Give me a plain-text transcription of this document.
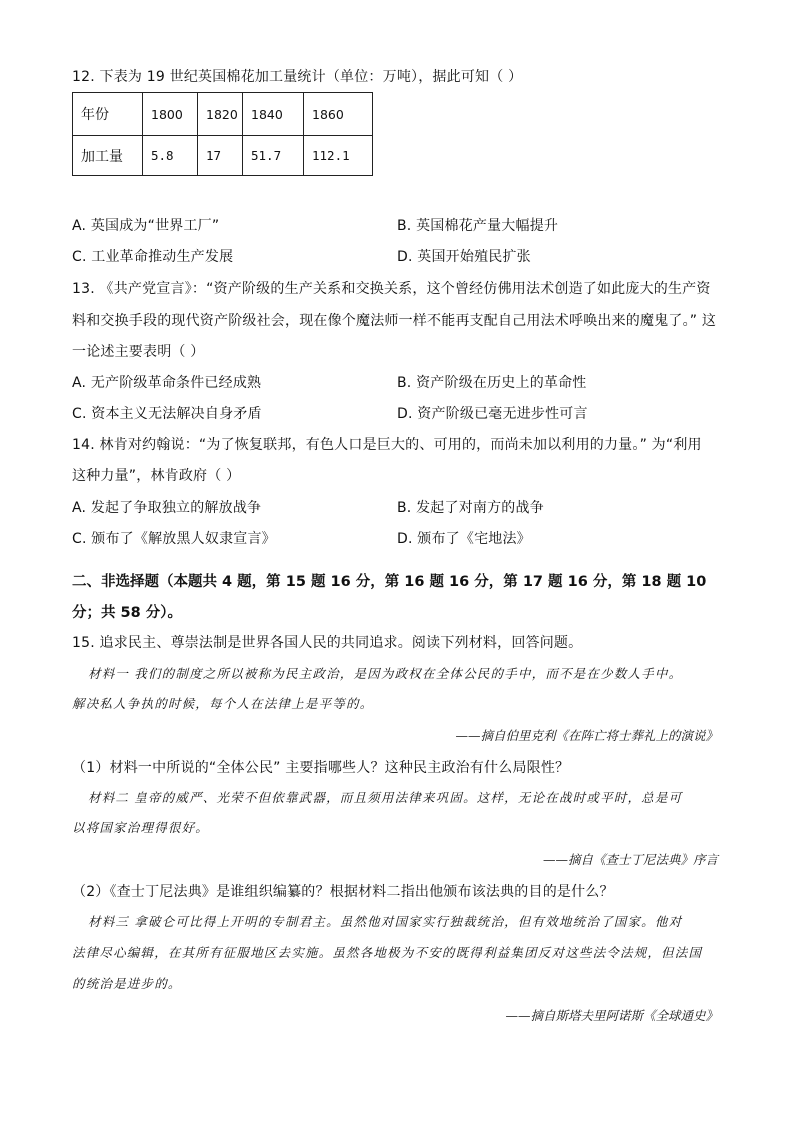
12. 下表为 19 世纪英国棉花加工量统计（单位：万吨），据此可知（ ）
年份	1800	1820	1840	1860
加工量	5.8	17	51.7	112.1
A. 英国成为“世界工厂”	B. 英国棉花产量大幅提升
C. 工业革命推动生产发展	D. 英国开始殖民扩张
13. 《共产党宣言》：“资产阶级的生产关系和交换关系，这个曾经仿佛用法术创造了如此庞大的生产资
料和交换手段的现代资产阶级社会，现在像个魔法师一样不能再支配自己用法术呼唤出来的魔鬼了。” 这
一论述主要表明（ ）
A. 无产阶级革命条件已经成熟	B. 资产阶级在历史上的革命性
C. 资本主义无法解决自身矛盾	D. 资产阶级已毫无进步性可言
14. 林肯对约翰说：“为了恢复联邦，有色人口是巨大的、可用的，而尚未加以利用的力量。” 为“利用
这种力量”，林肯政府（ ）
A. 发起了争取独立的解放战争	B. 发起了对南方的战争
C. 颁布了《解放黑人奴隶宣言》	D. 颁布了《宅地法》
二、非选择题（本题共 4 题，第 15 题 16 分，第 16 题 16 分，第 17 题 16 分，第 18 题 10
分；共 58 分）。
15. 追求民主、尊崇法制是世界各国人民的共同追求。阅读下列材料，回答问题。
材料一 我们的制度之所以被称为民主政治，是因为政权在全体公民的手中，而不是在少数人手中。
解决私人争执的时候，每个人在法律上是平等的。
——摘自伯里克利《在阵亡将士葬礼上的演说》
（1）材料一中所说的“全体公民” 主要指哪些人？这种民主政治有什么局限性？
材料二 皇帝的威严、光荣不但依靠武器，而且须用法律来巩固。这样，无论在战时或平时，总是可
以将国家治理得很好。
——摘自《查士丁尼法典》序言
（2）《查士丁尼法典》是谁组织编纂的？根据材料二指出他颁布该法典的目的是什么？
材料三 拿破仑可比得上开明的专制君主。虽然他对国家实行独裁统治，但有效地统治了国家。他对
法律尽心编辑，在其所有征服地区去实施。虽然各地极为不安的既得利益集团反对这些法令法规，但法国
的统治是进步的。
——摘自斯塔夫里阿诺斯《全球通史》
